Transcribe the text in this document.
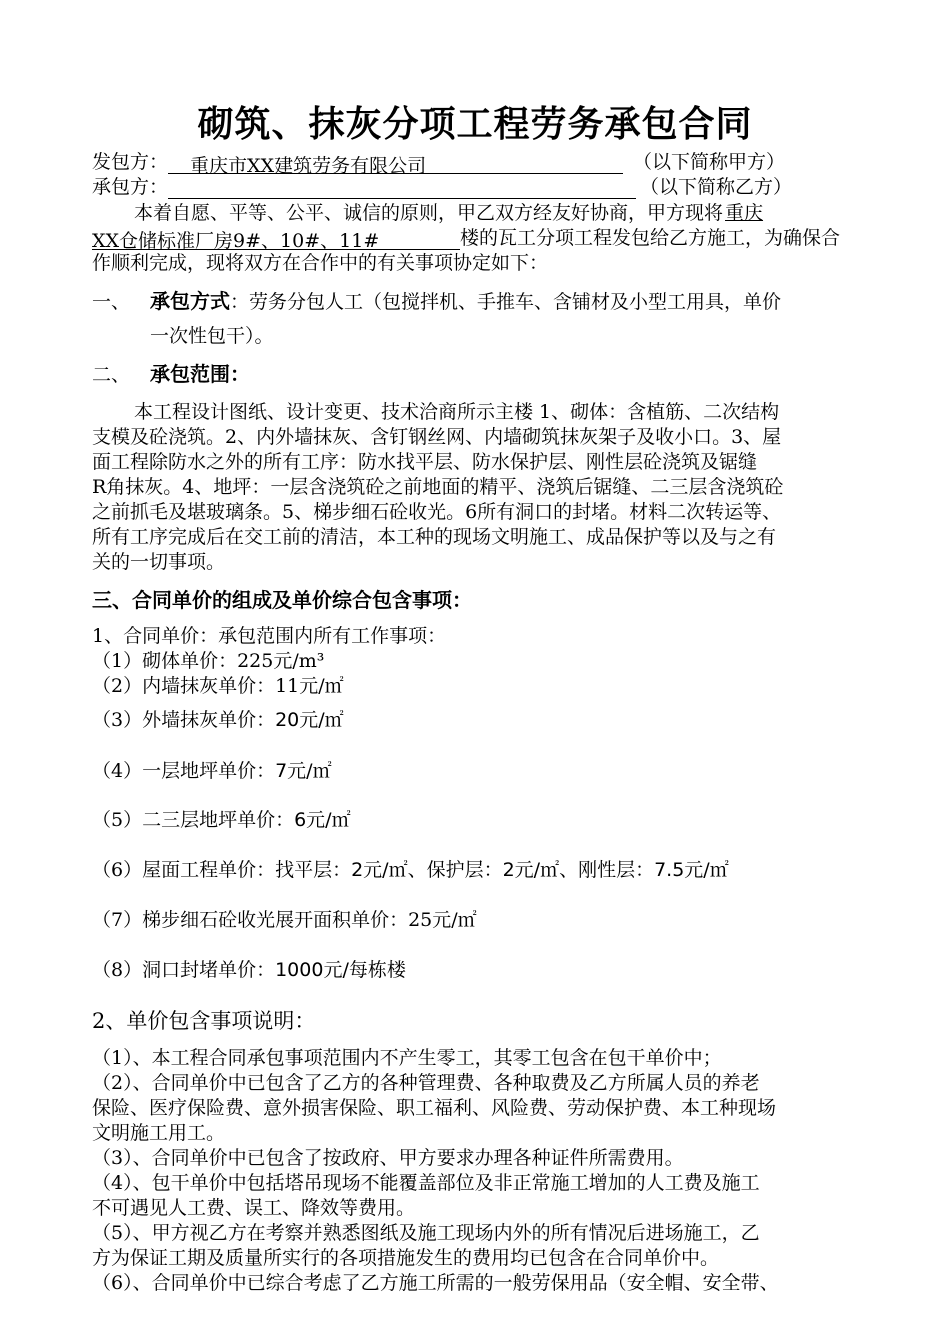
砌筑、抹灰分项工程劳务承包合同
发包方： 重庆市XX建筑劳务有限公司	（以下简称甲方）
承包方：	（以下简称乙方）
本着自愿、平等、公平、诚信的原则，甲乙双方经友好协商，甲方现将 重庆
XX仓储标准厂房9#、10#、11#	楼的瓦工分项工程发包给乙方施工，为确保合
作顺利完成，现将双方在合作中的有关事项协定如下：
一、 承包方式：劳务分包人工（包搅拌机、手推车、含铺材及小型工用具，单价
一次性包干）。
二、 承包范围：
本工程设计图纸、设计变更、技术洽商所示主楼 1、砌体：含植筋、二次结构
支模及砼浇筑。2、内外墙抹灰、含钉钢丝网、内墙砌筑抹灰架子及收小口。3、屋
面工程除防水之外的所有工序：防水找平层、防水保护层、刚性层砼浇筑及锯缝
R角抹灰。4、地坪：一层含浇筑砼之前地面的精平、浇筑后锯缝、二三层含浇筑砼
之前抓毛及堪玻璃条。5、梯步细石砼收光。6所有洞口的封堵。材料二次转运等、
所有工序完成后在交工前的清洁，本工种的现场文明施工、成品保护等以及与之有
关的一切事项。
三、合同单价的组成及单价综合包含事项：
1、合同单价：承包范围内所有工作事项：
（1）砌体单价：225元/m³
（2）内墙抹灰单价：11元/㎡
（3）外墙抹灰单价：20元/㎡
（4）一层地坪单价：7元/㎡
（5）二三层地坪单价：6元/㎡
（6）屋面工程单价：找平层：2元/㎡、保护层：2元/㎡、刚性层：7.5元/㎡
（7）梯步细石砼收光展开面积单价：25元/㎡
（8）洞口封堵单价：1000元/每栋楼
2、单价包含事项说明：
（1）、本工程合同承包事项范围内不产生零工，其零工包含在包干单价中；
（2）、合同单价中已包含了乙方的各种管理费、各种取费及乙方所属人员的养老
保险、医疗保险费、意外损害保险、职工福利、风险费、劳动保护费、本工种现场
文明施工用工。
（3）、合同单价中已包含了按政府、甲方要求办理各种证件所需费用。
（4）、包干单价中包括塔吊现场不能覆盖部位及非正常施工增加的人工费及施工
不可遇见人工费、误工、降效等费用。
（5）、甲方视乙方在考察并熟悉图纸及施工现场内外的所有情况后进场施工，乙
方为保证工期及质量所实行的各项措施发生的费用均已包含在合同单价中。
（6）、合同单价中已综合考虑了乙方施工所需的一般劳保用品（安全帽、安全带、
